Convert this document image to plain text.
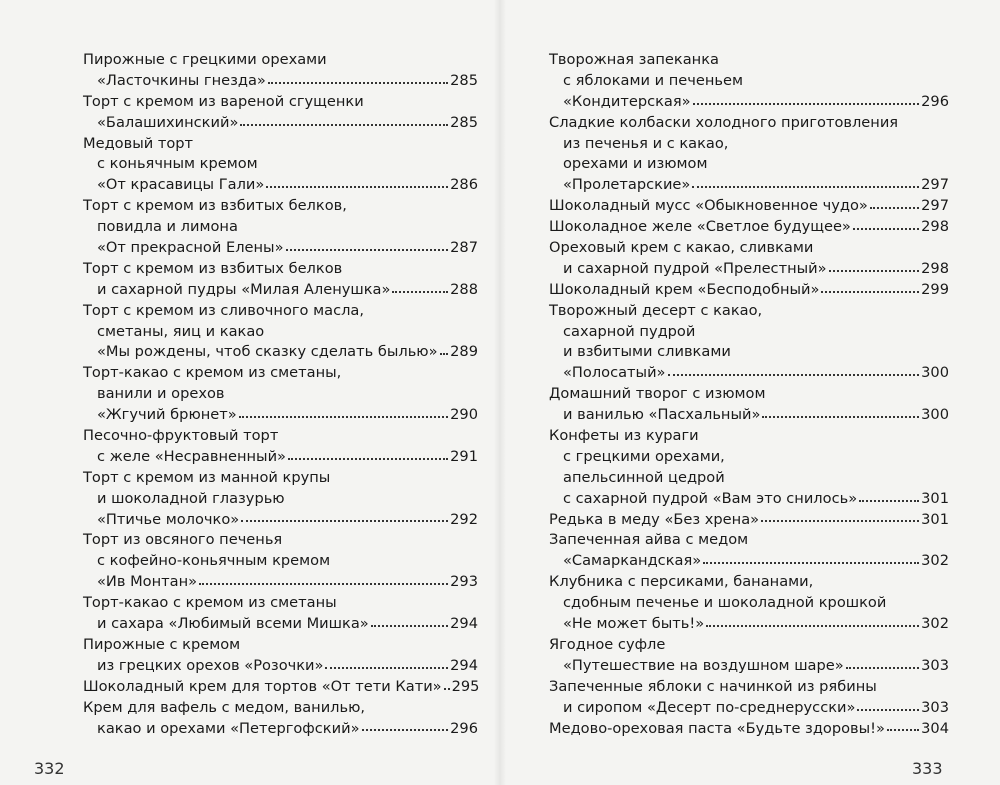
Пирожные с грецкими орехами
«Ласточкины гнезда»	285
Торт с кремом из вареной сгущенки
«Балашихинский»	285
Медовый торт
с коньячным кремом
«От красавицы Гали»	286
Торт с кремом из взбитых белков,
повидла и лимона
«От прекрасной Елены»	287
Торт с кремом из взбитых белков
и сахарной пудры «Милая Аленушка»	288
Торт с кремом из сливочного масла,
сметаны, яиц и какао
«Мы рождены, чтоб сказку сделать былью» 289
Торт-какао с кремом из сметаны,
ванили и орехов
«Жгучий брюнет»	290
Песочно-фруктовый торт
с желе «Несравненный»	291
Торт с кремом из манной крупы
и шоколадной глазурью
«Птичье молочко»	292
Торт из овсяного печенья
с кофейно-коньячным кремом
«Ив Монтан»	293
Торт-какао с кремом из сметаны
и сахара «Любимый всеми Мишка»	294
Пирожные с кремом
из грецких орехов «Розочки»	294
Шоколадный крем для тортов «От тети Кати» 295
Крем для вафель с медом, ванилью,
какао и орехами «Петергофский»	296
332
Творожная запеканка
с яблоками и печеньем
«Кондитерская»	296
Сладкие колбаски холодного приготовления
из печенья и с какао,
орехами и изюмом
«Пролетарские»	297
Шоколадный мусс «Обыкновенное чудо»	297
Шоколадное желе «Светлое будущее»	298
Ореховый крем с какао, сливками
и сахарной пудрой «Прелестный»	298
Шоколадный крем «Бесподобный»	299
Творожный десерт с какао,
сахарной пудрой
и взбитыми сливками
«Полосатый»	300
Домашний творог с изюмом
и ванилью «Пасхальный»	300
Конфеты из кураги
с грецкими орехами,
апельсинной цедрой
с сахарной пудрой «Вам это снилось»	301
Редька в меду «Без хрена»	301
Запеченная айва с медом
«Самаркандская»	302
Клубника с персиками, бананами,
сдобным печенье и шоколадной крошкой
«Не может быть!»	302
Ягодное суфле
«Путешествие на воздушном шаре»	303
Запеченные яблоки с начинкой из рябины
и сиропом «Десерт по-среднерусски»	303
Медово-ореховая паста «Будьте здоровы!» 304
333
